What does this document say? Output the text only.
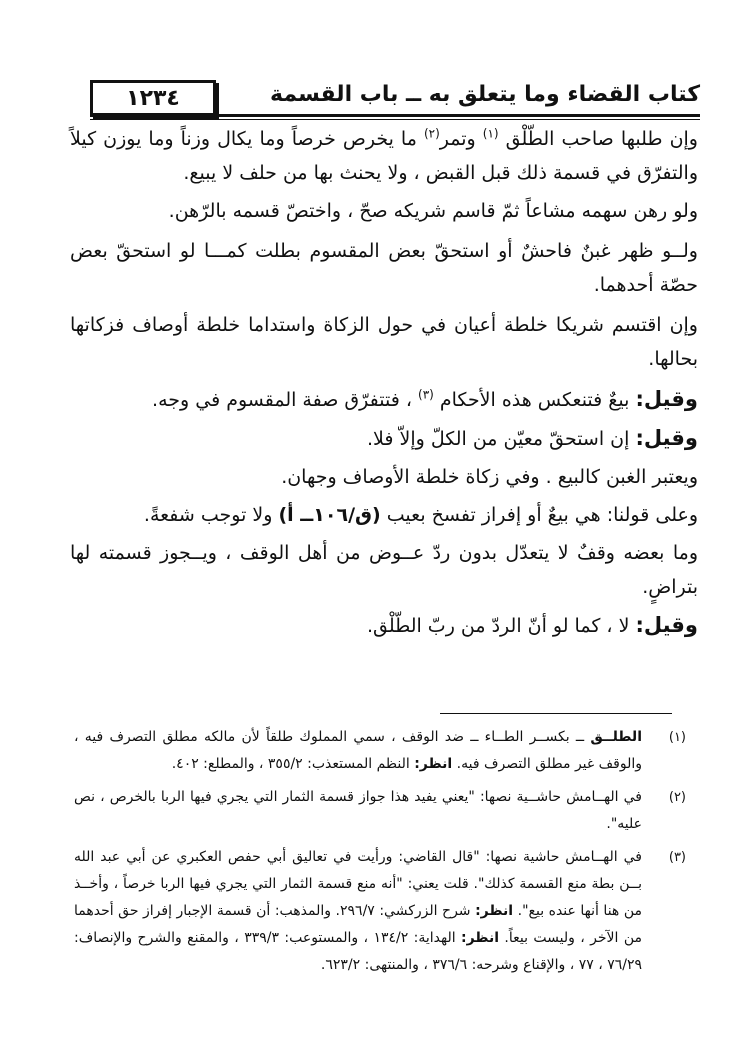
١٢٣٤	كتاب القضاء وما يتعلق به ــ باب القسمة

وإن طلبها صاحب الطّلْق $^{(١)}$ وتمر$^{(٢)}$ ما يخرص خرصاً وما يكال وزناً وما يوزن كيلاً والتفرّق في قسمة ذلك قبل القبض ، ولا يحنث بها من حلف لا يبيع.

ولو رهن سهمه مشاعاً ثمّ قاسم شريكه صحّ ، واختصّ قسمه بالرّهن.

ولــو ظهر غبنٌ فاحشٌ أو استحقّ بعض المقسوم بطلت كمـــا لو استحقّ بعض حصّة أحدهما.

وإن اقتسم شريكا خلطة أعيان في حول الزكاة واستداما خلطة أوصاف فزكاتها بحالها.

وقيل: بيعٌ فتنعكس هذه الأحكام $^{(٣)}$ ، فتتفرّق صفة المقسوم في وجه.

وقيل: إن استحقّ معيّن من الكلّ وإلاّ فلا.

ويعتبر الغبن كالبيع . وفي زكاة خلطة الأوصاف وجهان.

وعلى قولنا: هي بيعٌ أو إفراز تفسخ بعيب (ق/١٠٦ــ أ) ولا توجب شفعةً.

وما بعضه وقفٌ لا يتعدّل بدون ردّ عــوض من أهل الوقف ، ويــجوز قسمته لها بتراضٍ.

وقيل: لا ، كما لو أنّ الردّ من ربّ الطّلْق.

(١)
الطلــق ــ بكســر الطــاء ــ ضد الوقف ، سمي المملوك طلقاً لأن مالكه مطلق التصرف فيه ، والوقف غير مطلق التصرف فيه. انظر: النظم المستعذب: ٣٥٥/٢ ، والمطلع: ٤٠٢.
(٢)
في الهــامش حاشــية نصها: "يعني يفيد هذا جواز قسمة الثمار التي يجري فيها الربا بالخرص ، نص عليه".
(٣)
في الهــامش حاشية نصها: "قال القاضي: ورأيت في تعاليق أبي حفص العكبري عن أبي عبد الله بــن بطة منع القسمة كذلك". قلت يعني: "أنه منع قسمة الثمار التي يجري فيها الربا خرصاً ، وأخــذ من هنا أنها عنده بيع". انظر: شرح الزركشي: ٢٩٦/٧. والمذهب: أن قسمة الإجبار إفراز حق أحدهما من الآخر ، وليست بيعاً. انظر: الهداية: ١٣٤/٢ ، والمستوعب: ٣٣٩/٣ ، والمقنع والشرح والإنصاف: ٧٦/٢٩ ، ٧٧ ، والإقناع وشرحه: ٣٧٦/٦ ، والمنتهى: ٦٢٣/٢.
